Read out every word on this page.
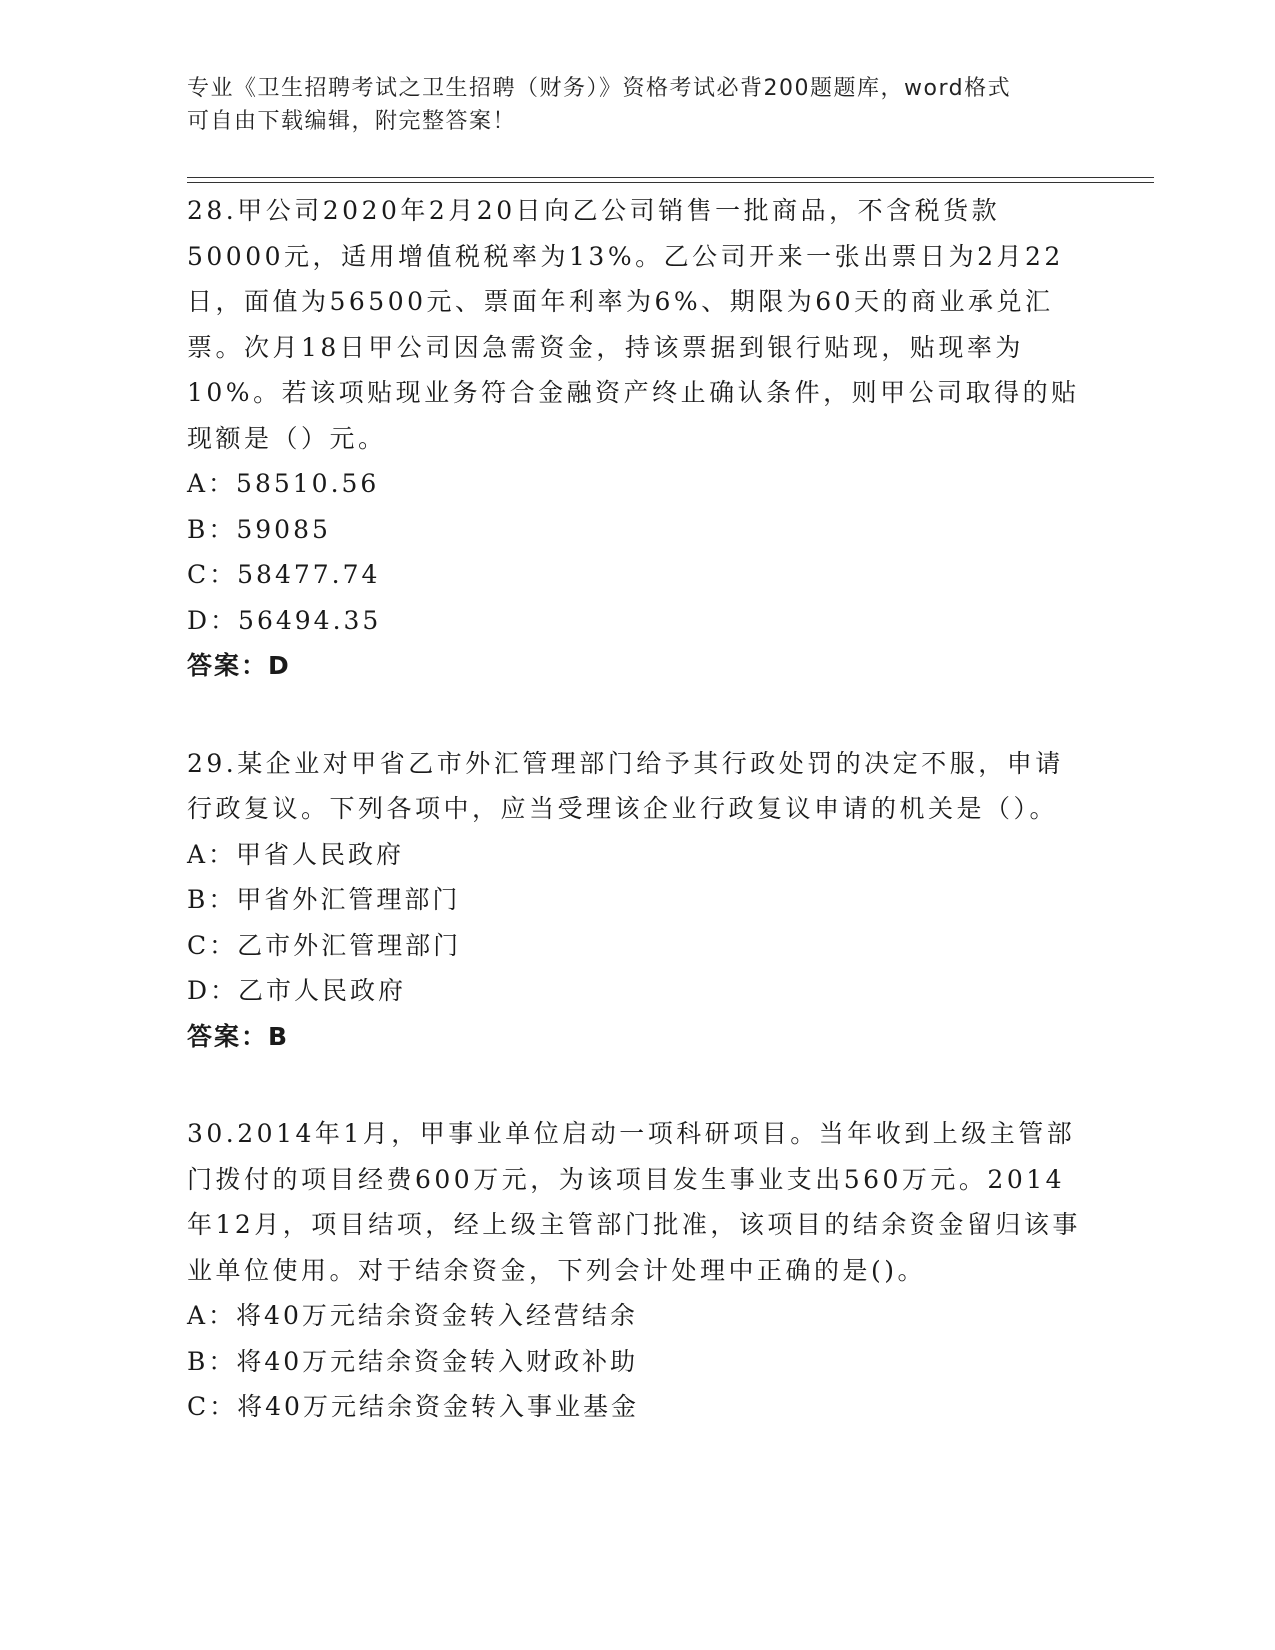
专业《卫生招聘考试之卫生招聘（财务）》资格考试必背200题题库，word格式
可自由下载编辑，附完整答案！

28.甲公司2020年2月20日向乙公司销售一批商品，不含税货款50000元，适用增值税税率为13%。乙公司开来一张出票日为2月22日，面值为56500元、票面年利率为6%、期限为60天的商业承兑汇票。次月18日甲公司因急需资金，持该票据到银行贴现，贴现率为10%。若该项贴现业务符合金融资产终止确认条件，则甲公司取得的贴现额是（）元。

A：58510.56

B：59085

C：58477.74

D：56494.35

答案：D

29.某企业对甲省乙市外汇管理部门给予其行政处罚的决定不服，申请行政复议。下列各项中，应当受理该企业行政复议申请的机关是（）。

A：甲省人民政府

B：甲省外汇管理部门

C：乙市外汇管理部门

D：乙市人民政府

答案：B

30.2014年1月，甲事业单位启动一项科研项目。当年收到上级主管部门拨付的项目经费600万元，为该项目发生事业支出560万元。2014年12月，项目结项，经上级主管部门批准，该项目的结余资金留归该事业单位使用。对于结余资金，下列会计处理中正确的是()。

A：将40万元结余资金转入经营结余

B：将40万元结余资金转入财政补助

C：将40万元结余资金转入事业基金
